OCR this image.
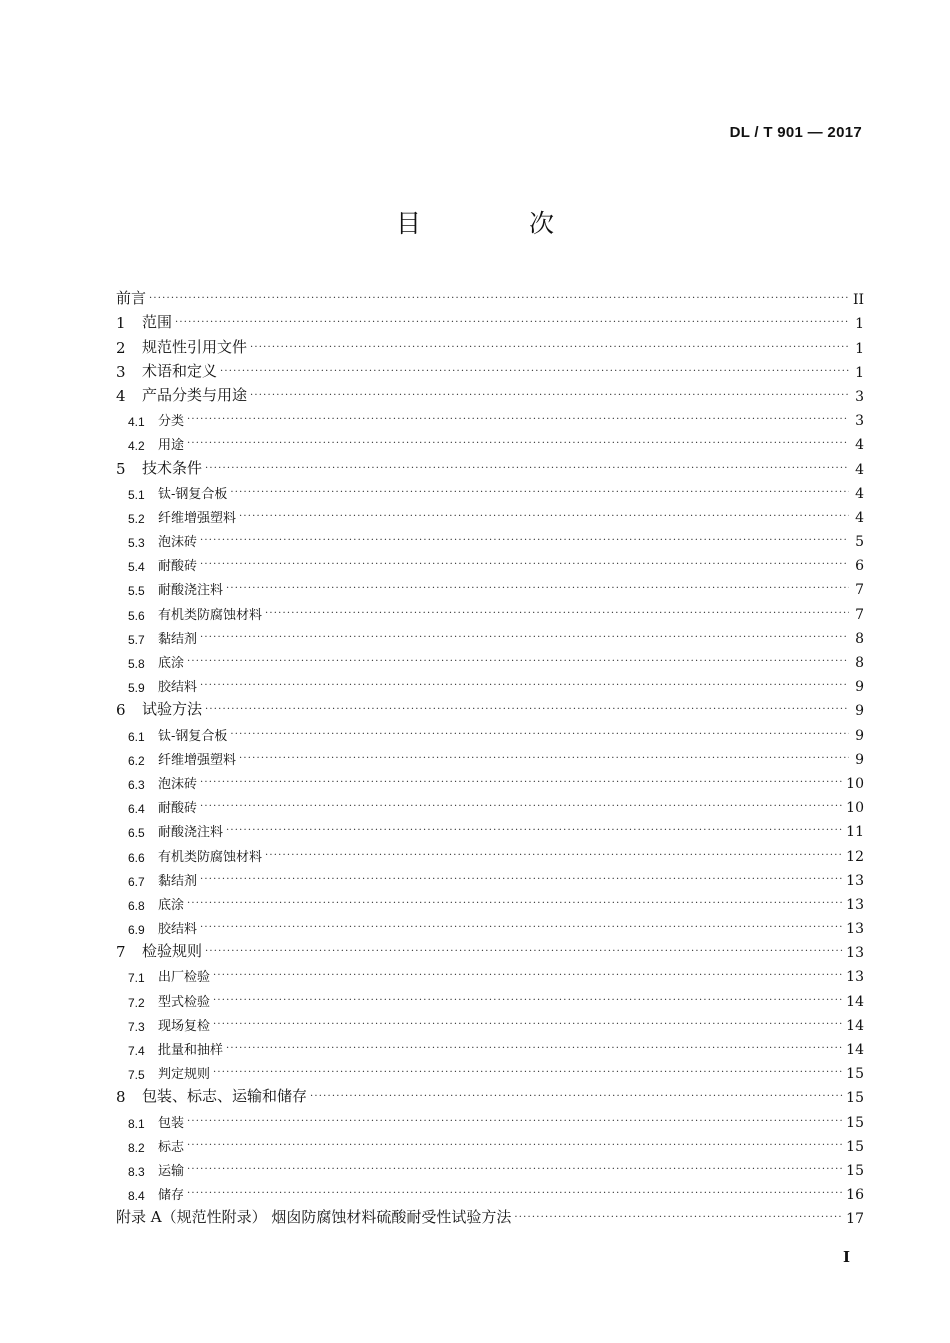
DL / T 901 — 2017
目 次
前言 ·····	II
1	范围 ·····	1
2	规范性引用文件 ·····	1
3	术语和定义 ·····	1
4	产品分类与用途 ·····	3
4.1	分类 ·····	3
4.2	用途 ·····	4
5	技术条件 ·····	4
5.1	钛-钢复合板 ·····	4
5.2	纤维增强塑料 ·····	4
5.3	泡沫砖 ·····	5
5.4	耐酸砖 ·····	6
5.5	耐酸浇注料 ·····	7
5.6	有机类防腐蚀材料 ·····	7
5.7	黏结剂 ·····	8
5.8	底涂 ·····	8
5.9	胶结料 ·····	9
6	试验方法 ·····	9
6.1	钛-钢复合板 ·····	9
6.2	纤维增强塑料 ·····	9
6.3	泡沫砖 ·····	10
6.4	耐酸砖 ·····	10
6.5	耐酸浇注料 ·····	11
6.6	有机类防腐蚀材料 ·····	12
6.7	黏结剂 ·····	13
6.8	底涂 ·····	13
6.9	胶结料 ·····	13
7	检验规则 ·····	13
7.1	出厂检验 ·····	13
7.2	型式检验 ·····	14
7.3	现场复检 ·····	14
7.4	批量和抽样 ·····	14
7.5	判定规则 ·····	15
8	包装、标志、运输和储存 ·····	15
8.1	包装 ·····	15
8.2	标志 ·····	15
8.3	运输 ·····	15
8.4	储存 ·····	16
附录 A（规范性附录） 烟囱防腐蚀材料硫酸耐受性试验方法 ·····	17
I
